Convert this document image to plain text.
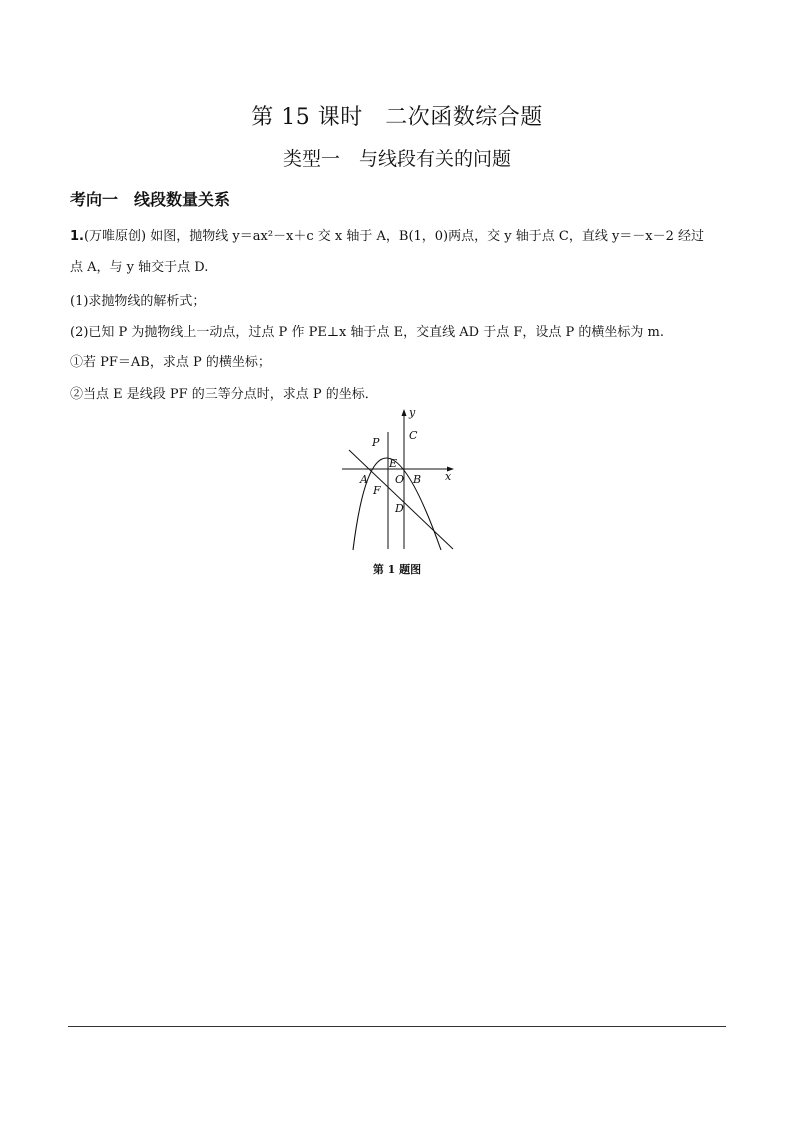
第 15 课时　二次函数综合题
类型一　与线段有关的问题
考向一　线段数量关系
1.(万唯原创) 如图，抛物线 y＝ax²－x＋c 交 x 轴于 A，B(1，0)两点，交 y 轴于点 C，直线 y＝－x－2 经过
点 A，与 y 轴交于点 D.
(1)求抛物线的解析式；
(2)已知 P 为抛物线上一动点，过点 P 作 PE⊥x 轴于点 E，交直线 AD 于点 F，设点 P 的横坐标为 m.
①若 PF＝AB，求点 P 的横坐标；
②当点 E 是线段 PF 的三等分点时，求点 P 的坐标．
y
x
P
C
E
A O B
F
D
第 1 题图
